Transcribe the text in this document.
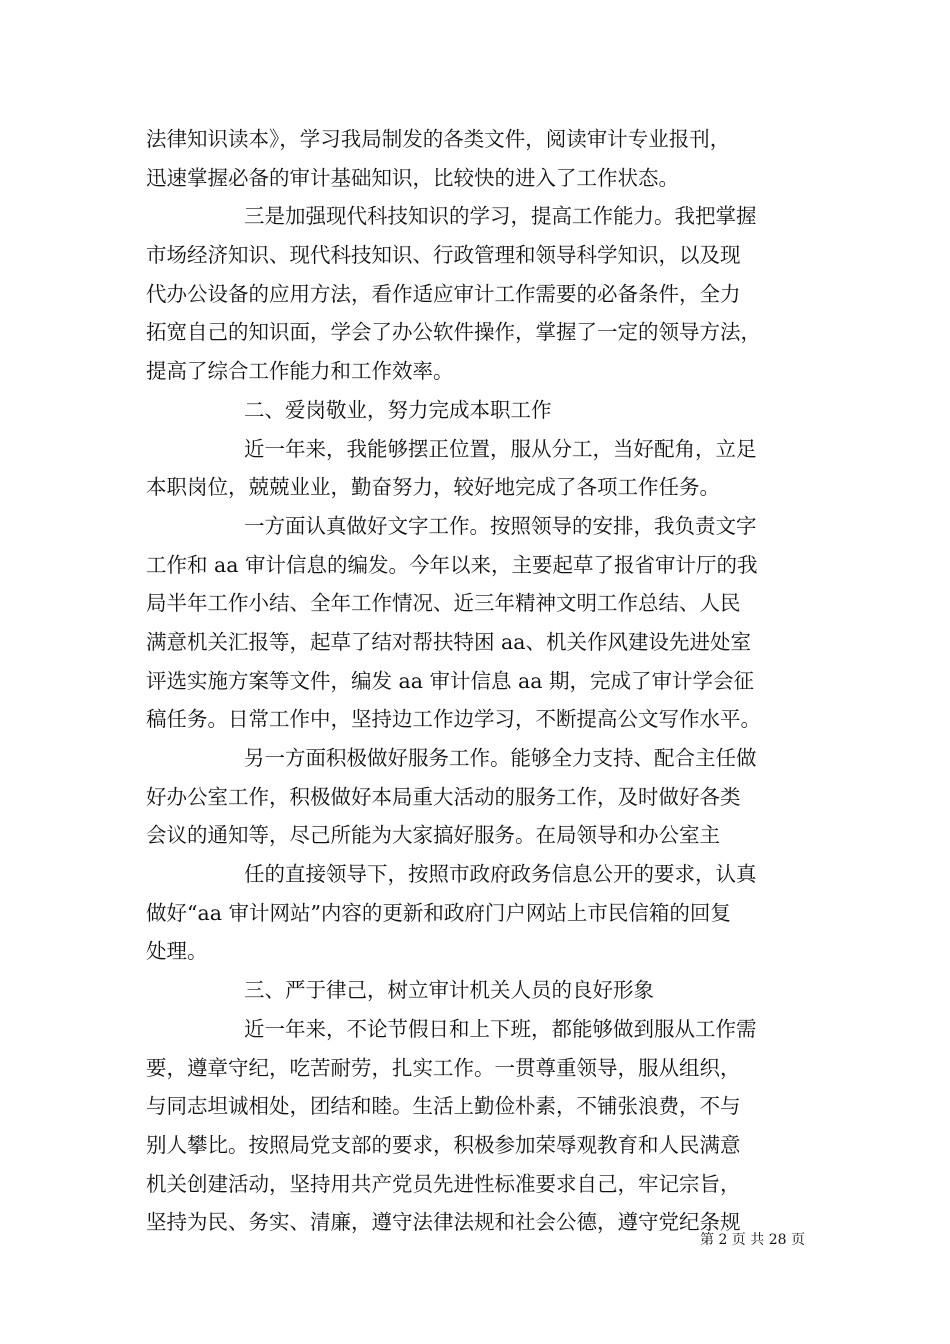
法律知识读本》，学习我局制发的各类文件，阅读审计专业报刊，
迅速掌握必备的审计基础知识，比较快的进入了工作状态。
三是加强现代科技知识的学习，提高工作能力。我把掌握
市场经济知识、现代科技知识、行政管理和领导科学知识，以及现
代办公设备的应用方法，看作适应审计工作需要的必备条件，全力
拓宽自己的知识面，学会了办公软件操作，掌握了一定的领导方法，
提高了综合工作能力和工作效率。
二、爱岗敬业，努力完成本职工作
近一年来，我能够摆正位置，服从分工，当好配角，立足
本职岗位，兢兢业业，勤奋努力，较好地完成了各项工作任务。
一方面认真做好文字工作。按照领导的安排，我负责文字
工作和 aa 审计信息的编发。今年以来，主要起草了报省审计厅的我
局半年工作小结、全年工作情况、近三年精神文明工作总结、人民
满意机关汇报等，起草了结对帮扶特困 aa、机关作风建设先进处室
评选实施方案等文件，编发 aa 审计信息 aa 期，完成了审计学会征
稿任务。日常工作中，坚持边工作边学习，不断提高公文写作水平。
另一方面积极做好服务工作。能够全力支持、配合主任做
好办公室工作，积极做好本局重大活动的服务工作，及时做好各类
会议的通知等，尽己所能为大家搞好服务。在局领导和办公室主
任的直接领导下，按照市政府政务信息公开的要求，认真
做好“aa 审计网站”内容的更新和政府门户网站上市民信箱的回复
处理。
三、严于律己，树立审计机关人员的良好形象
近一年来，不论节假日和上下班，都能够做到服从工作需
要，遵章守纪，吃苦耐劳，扎实工作。一贯尊重领导，服从组织，
与同志坦诚相处，团结和睦。生活上勤俭朴素，不铺张浪费，不与
别人攀比。按照局党支部的要求，积极参加荣辱观教育和人民满意
机关创建活动，坚持用共产党员先进性标准要求自己，牢记宗旨，
坚持为民、务实、清廉，遵守法律法规和社会公德，遵守党纪条规
第 2 页 共 28 页
